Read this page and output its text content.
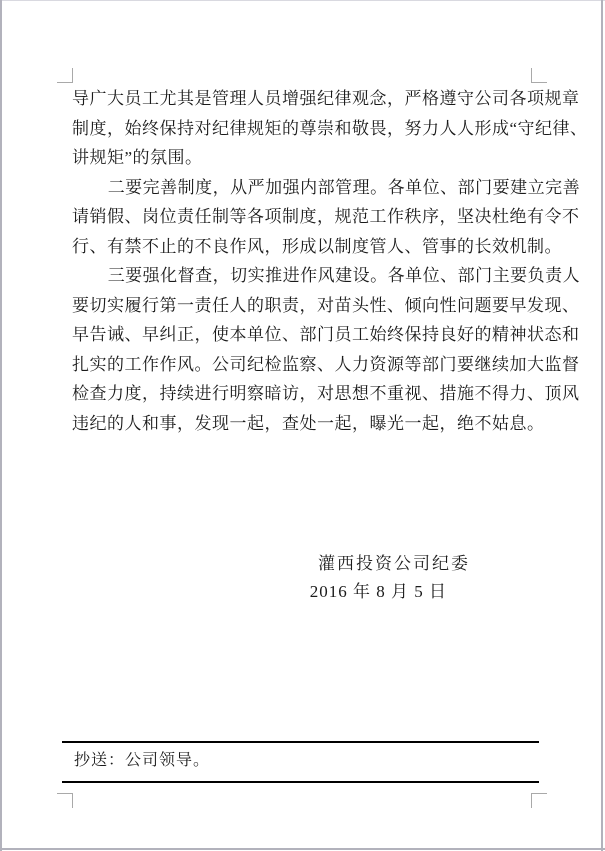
导广大员工尤其是管理人员增强纪律观念，严格遵守公司各项规章
制度，始终保持对纪律规矩的尊崇和敬畏，努力人人形成“守纪律、
讲规矩”的氛围。
二要完善制度，从严加强内部管理。各单位、部门要建立完善
请销假、岗位责任制等各项制度，规范工作秩序，坚决杜绝有令不
行、有禁不止的不良作风，形成以制度管人、管事的长效机制。
三要强化督查，切实推进作风建设。各单位、部门主要负责人
要切实履行第一责任人的职责，对苗头性、倾向性问题要早发现、
早告诫、早纠正，使本单位、部门员工始终保持良好的精神状态和
扎实的工作作风。公司纪检监察、人力资源等部门要继续加大监督
检查力度，持续进行明察暗访，对思想不重视、措施不得力、顶风
违纪的人和事，发现一起，查处一起，曝光一起，绝不姑息。
灌西投资公司纪委
2016 年 8 月 5 日
抄送：公司领导。
